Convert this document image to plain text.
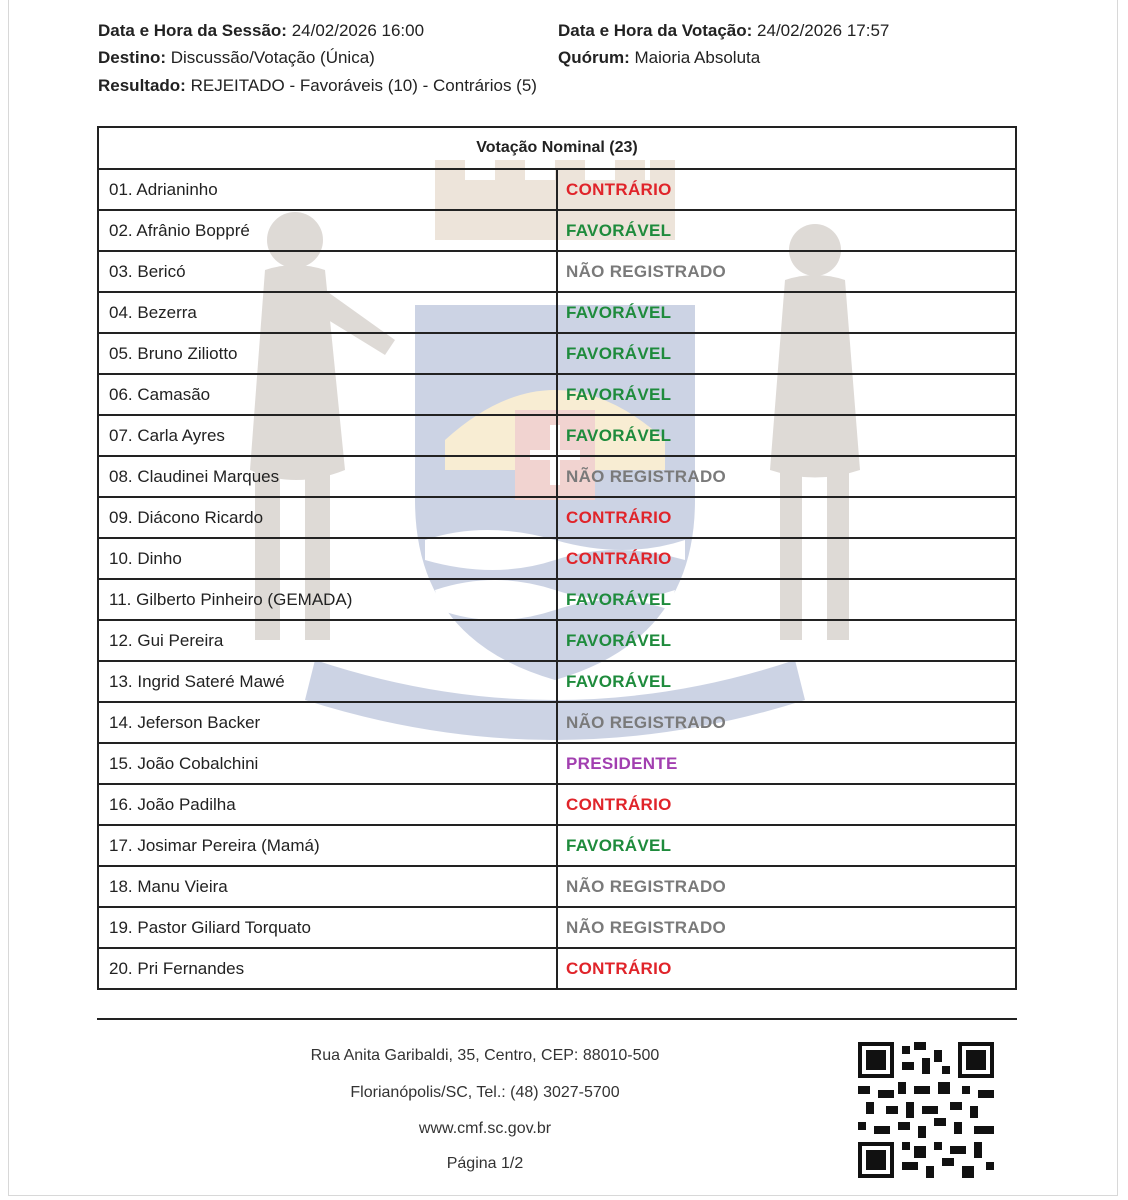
Data e Hora da Sessão: 24/02/2026 16:00	Data e Hora da Votação: 24/02/2026 17:57
Destino: Discussão/Votação (Única)	Quórum: Maioria Absoluta
Resultado: REJEITADO - Favoráveis (10) - Contrários (5)
Votação Nominal (23)	
01. Adrianinho	CONTRÁRIO
02. Afrânio Boppré	FAVORÁVEL
03. Bericó	NÃO REGISTRADO
04. Bezerra	FAVORÁVEL
05. Bruno Ziliotto	FAVORÁVEL
06. Camasão	FAVORÁVEL
07. Carla Ayres	FAVORÁVEL
08. Claudinei Marques	NÃO REGISTRADO
09. Diácono Ricardo	CONTRÁRIO
10. Dinho	CONTRÁRIO
11. Gilberto Pinheiro (GEMADA)	FAVORÁVEL
12. Gui Pereira	FAVORÁVEL
13. Ingrid Sateré Mawé	FAVORÁVEL
14. Jeferson Backer	NÃO REGISTRADO
15. João Cobalchini	PRESIDENTE
16. João Padilha	CONTRÁRIO
17. Josimar Pereira (Mamá)	FAVORÁVEL
18. Manu Vieira	NÃO REGISTRADO
19. Pastor Giliard Torquato	NÃO REGISTRADO
20. Pri Fernandes	CONTRÁRIO
Rua Anita Garibaldi, 35, Centro, CEP: 88010-500
Florianópolis/SC, Tel.: (48) 3027-5700
www.cmf.sc.gov.br
Página 1/2
